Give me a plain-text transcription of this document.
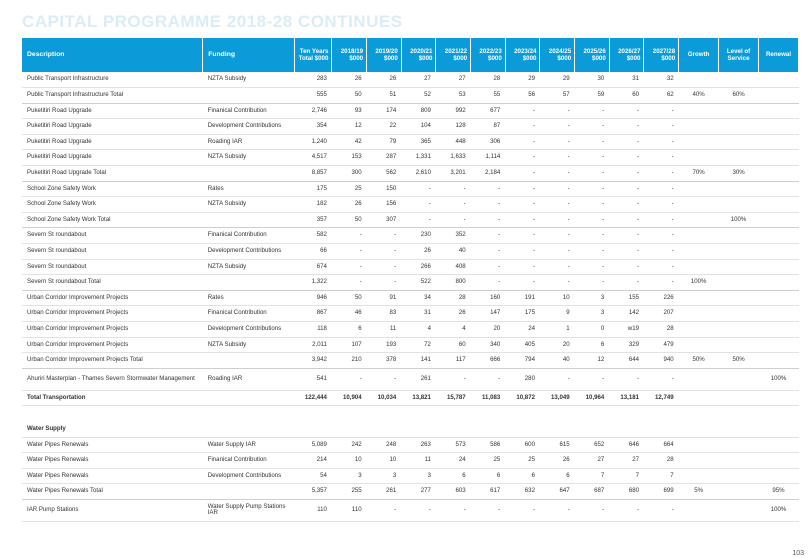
CAPITAL PROGRAMME 2018-28 CONTINUES
Description	Funding	Ten Years Total $000	2018/19 $000	2019/20 $000	2020/21 $000	2021/22 $000	2022/23 $000	2023/24 $000	2024/25 $000	2025/26 $000	2026/27 $000	2027/28 $000	Growth	Level of Service	Renewal
Public Transport Infrastructure	NZTA Subsidy	283	26	26	27	27	28	29	29	30	31	32			
Public Transport Infrastructure Total		555	50	51	52	53	55	56	57	59	60	62	40%	60%	
Puketitiri Road Upgrade	Finanical Contribution	2,746	93	174	809	992	677	-	-	-	-	-			
Puketitiri Road Upgrade	Development Contributions	354	12	22	104	128	87	-	-	-	-	-			
Puketitiri Road Upgrade	Roading IAR	1,240	42	79	365	448	306	-	-	-	-	-			
Puketitiri Road Upgrade	NZTA Subsidy	4,517	153	287	1,331	1,633	1,114	-	-	-	-	-			
Puketitiri Road Upgrade Total		8,857	300	562	2,610	3,201	2,184	-	-	-	-	-	70%	30%	
School Zone Safety Work	Rates	175	25	150	-	-	-	-	-	-	-	-			
School Zone Safety Work	NZTA Subsidy	182	26	156	-	-	-	-	-	-	-	-			
School Zone Safety Work Total		357	50	307	-	-	-	-	-	-	-	-		100%	
Severn St roundabout	Finanical Contribution	582	-	-	230	352	-	-	-	-	-	-			
Severn St roundabout	Development Contributions	66	-	-	26	40	-	-	-	-	-	-			
Severn St roundabout	NZTA Subsidy	674	-	-	266	408	-	-	-	-	-	-			
Severn St roundabout Total		1,322	-	-	522	800	-	-	-	-	-	-	100%		
Urban Corridor Improvement Projects	Rates	946	50	91	34	28	160	191	10	3	155	226			
Urban Corridor Improvement Projects	Finanical Contribution	867	46	83	31	26	147	175	9	3	142	207			
Urban Corridor Improvement Projects	Development Contributions	118	6	11	4	4	20	24	1	0	w19	28			
Urban Corridor Improvement Projects	NZTA Subsidy	2,011	107	193	72	60	340	405	20	6	329	479			
Urban Corridor Improvement Projects Total		3,942	210	378	141	117	666	794	40	12	644	940	50%	50%	
Ahuriri Masterplan - Thames Severn Stormwater Management	Roading IAR	541	-	-	261	-	-	280	-	-	-	-			100%
Total Transportation		122,444	10,904	10,034	13,821	15,787	11,083	10,872	13,049	10,964	13,181	12,749			

Water Supply															
Water Pipes Renewals	Water Supply IAR	5,089	242	248	263	573	586	600	615	652	646	664			
Water Pipes Renewals	Finanical Contribution	214	10	10	11	24	25	25	26	27	27	28			
Water Pipes Renewals	Development Contributions	54	3	3	3	6	6	6	6	7	7	7			
Water Pipes Renewals Total		5,357	255	261	277	603	617	632	647	687	680	699	5%		95%
IAR Pump Stations	Water Supply Pump Stations IAR	110	110	-	-	-	-	-	-	-	-	-			100%
103
